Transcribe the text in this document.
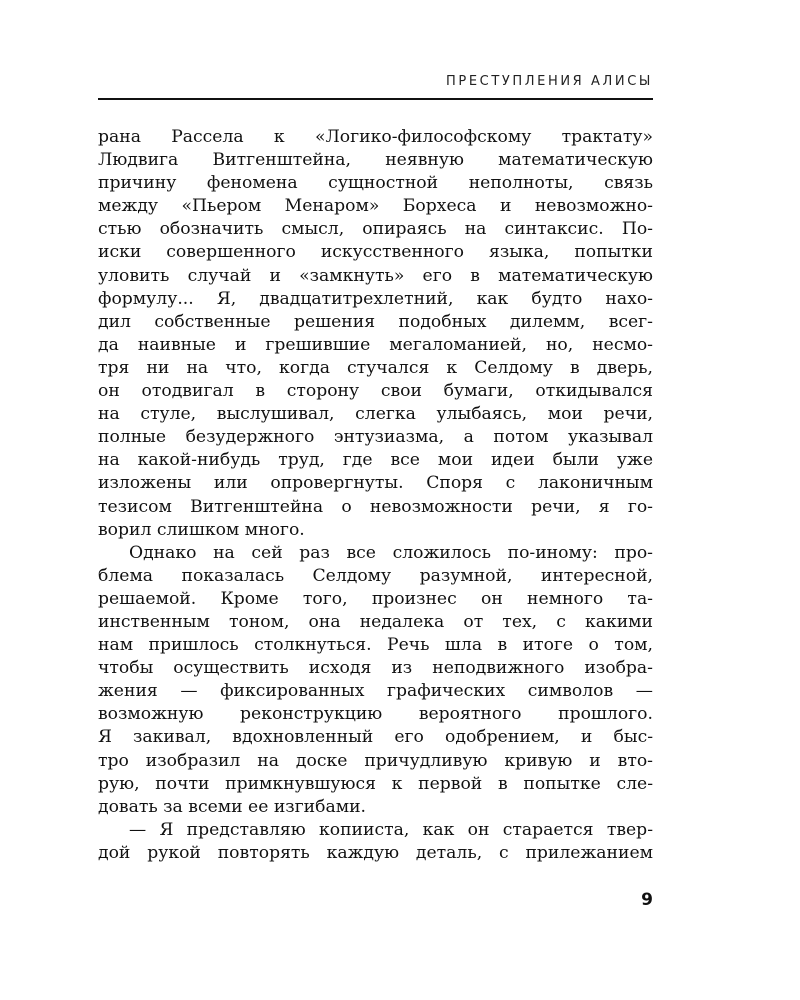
ПРЕСТУПЛЕНИЯ АЛИСЫ
рана Рассела к «Логико-философскому трактату»
Людвига Витгенштейна, неявную математическую
причину феномена сущностной неполноты, связь
между «Пьером Менаром» Борхеса и невозможно-
стью обозначить смысл, опираясь на синтаксис. По-
иски совершенного искусственного языка, попытки
уловить случай и «замкнуть» его в математическую
формулу... Я, двадцатитрехлетний, как будто нахо-
дил собственные решения подобных дилемм, всег-
да наивные и грешившие мегаломанией, но, несмо-
тря ни на что, когда стучался к Селдому в дверь,
он отодвигал в сторону свои бумаги, откидывался
на стуле, выслушивал, слегка улыбаясь, мои речи,
полные безудержного энтузиазма, а потом указывал
на какой-нибудь труд, где все мои идеи были уже
изложены или опровергнуты. Споря с лаконичным
тезисом Витгенштейна о невозможности речи, я го-
ворил слишком много.
Однако на сей раз все сложилось по-иному: про-
блема показалась Селдому разумной, интересной,
решаемой. Кроме того, произнес он немного та-
инственным тоном, она недалека от тех, с какими
нам пришлось столкнуться. Речь шла в итоге о том,
чтобы осуществить исходя из неподвижного изобра-
жения — фиксированных графических символов —
возможную реконструкцию вероятного прошлого.
Я закивал, вдохновленный его одобрением, и быс-
тро изобразил на доске причудливую кривую и вто-
рую, почти примкнувшуюся к первой в попытке сле-
довать за всеми ее изгибами.
— Я представляю копииста, как он старается твер-
дой рукой повторять каждую деталь, с прилежанием
9
